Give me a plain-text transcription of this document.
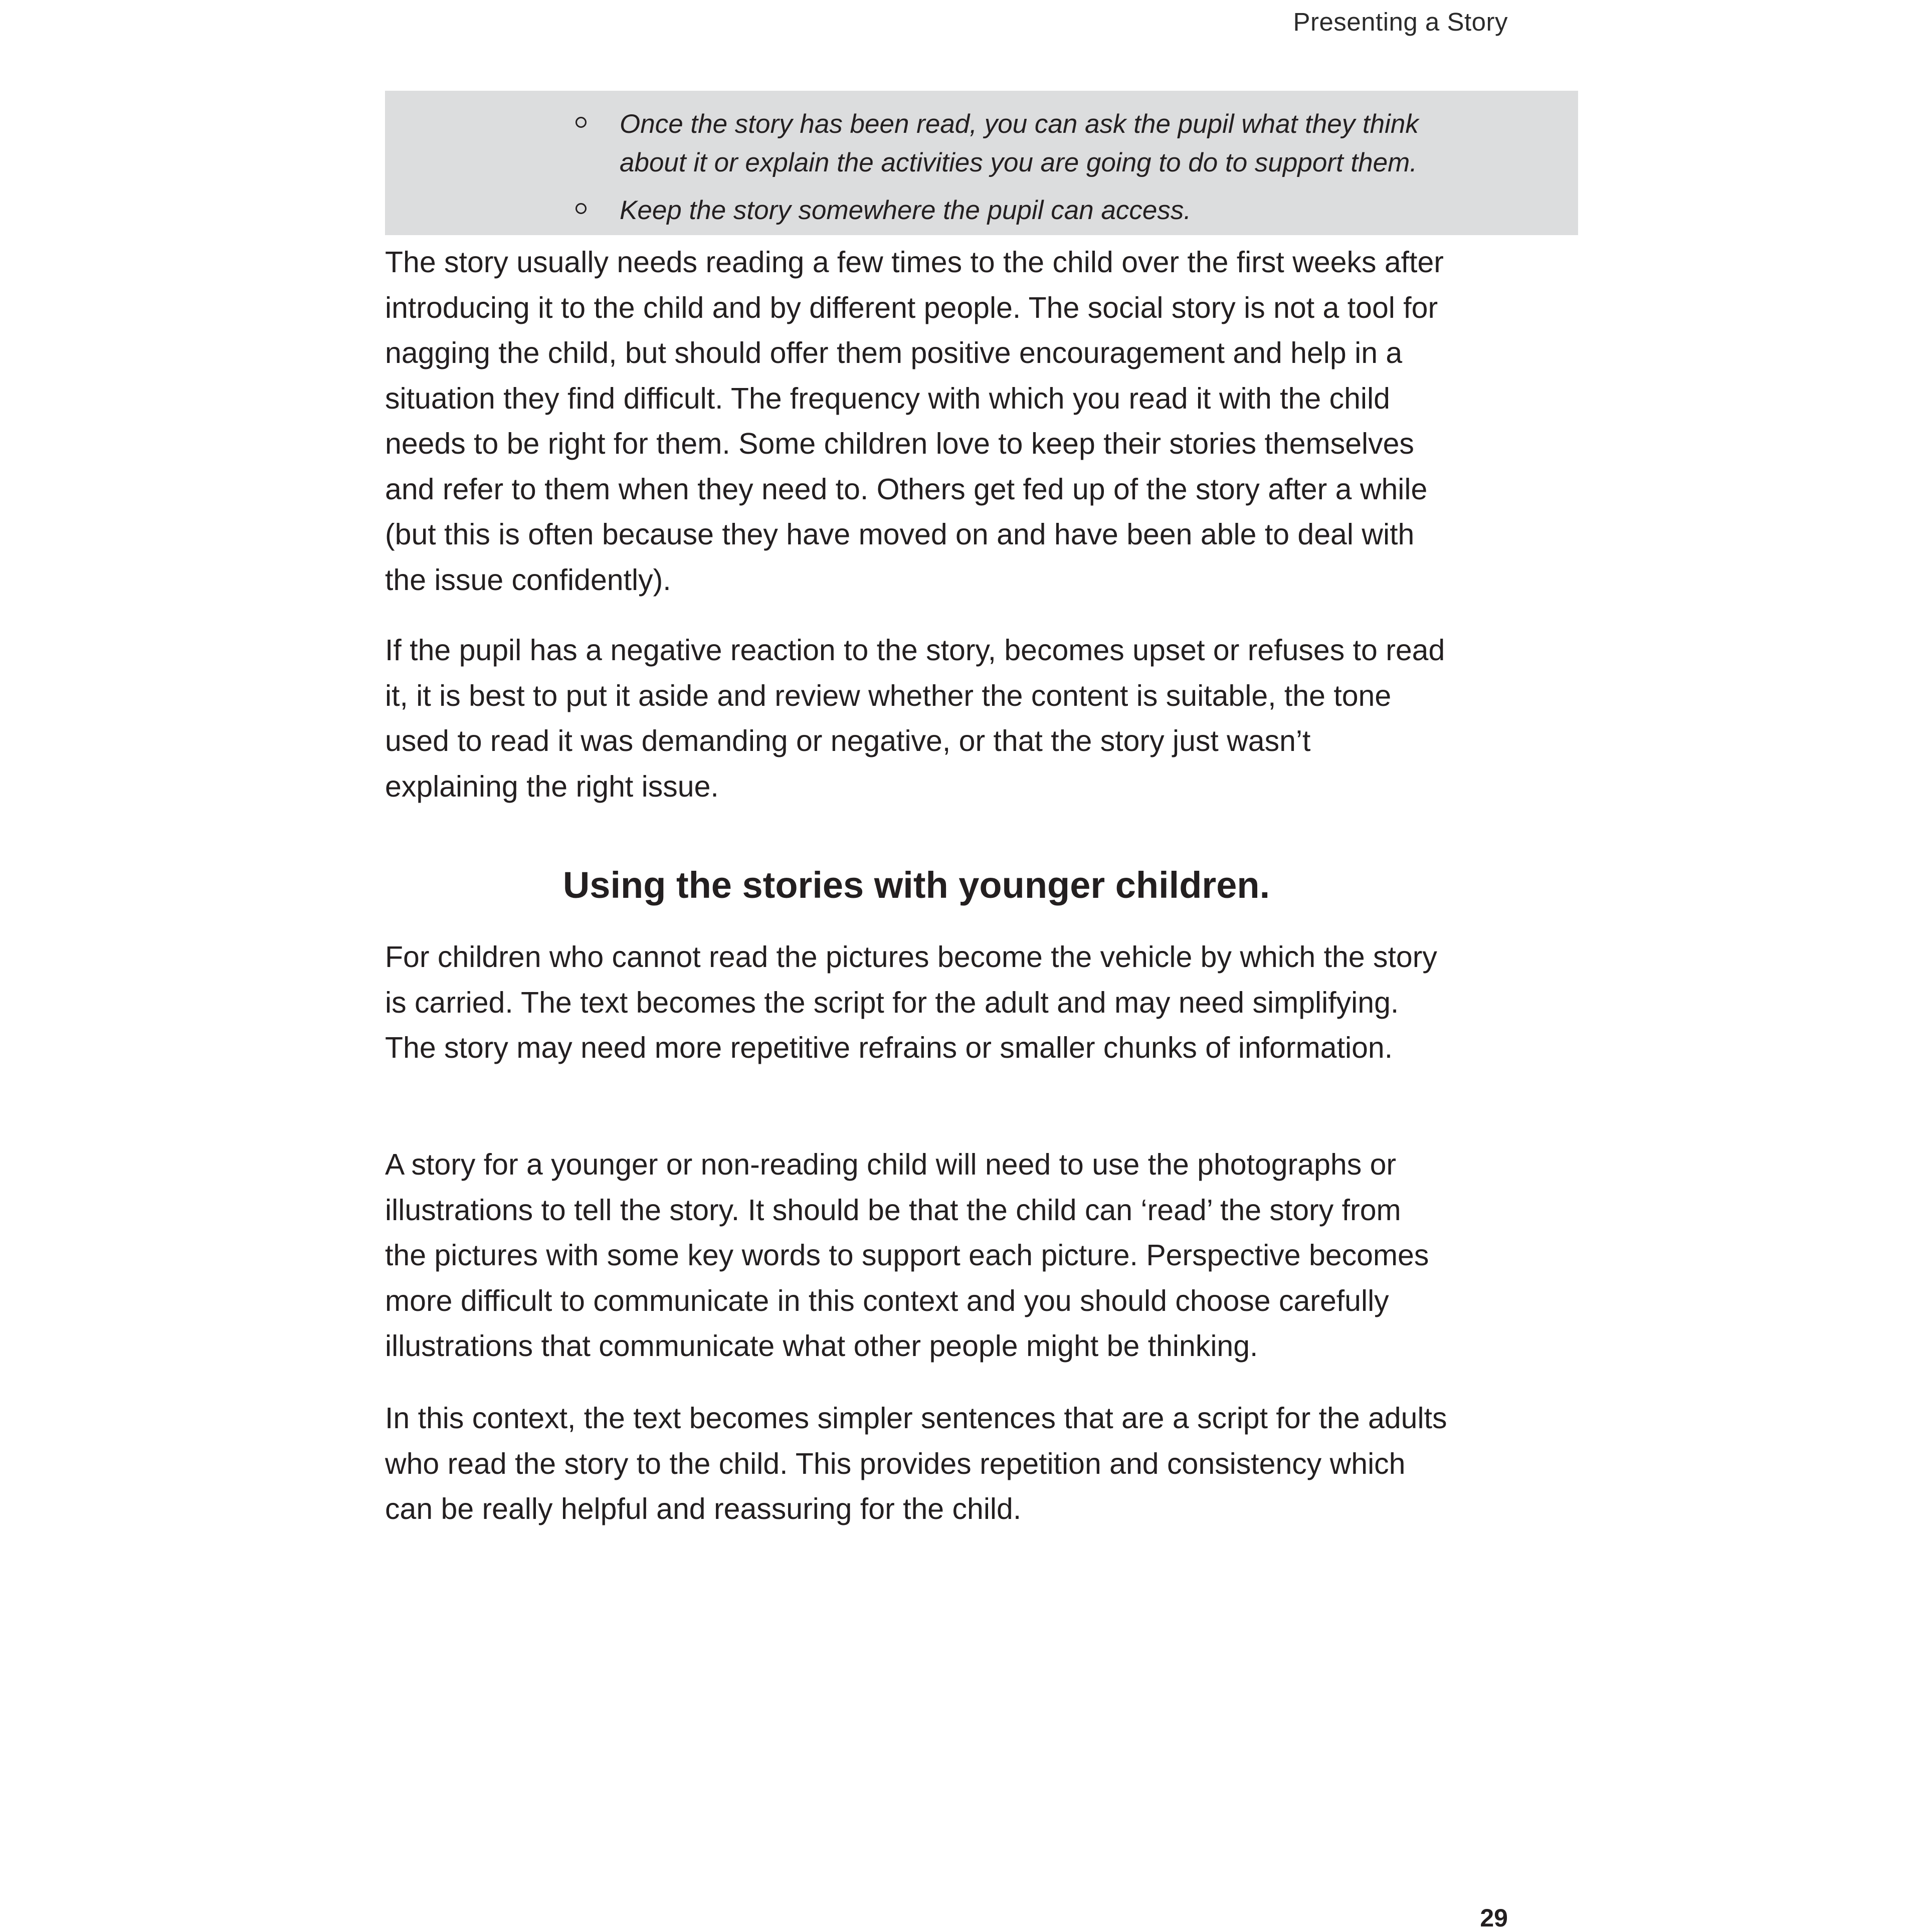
Presenting a Story
Once the story has been read, you can ask the pupil what they think
about it or explain the activities you are going to do to support them.
Keep the story somewhere the pupil can access.

The story usually needs reading a few times to the child over the first weeks after introducing it to the child and by different people. The social story is not a tool for nagging the child, but should offer them positive encouragement and help in a situation they find difficult. The frequency with which you read it with the child needs to be right for them. Some children love to keep their stories themselves and refer to them when they need to. Others get fed up of the story after a while (but this is often because they have moved on and have been able to deal with the issue confidently).

If the pupil has a negative reaction to the story, becomes upset or refuses to read it, it is best to put it aside and review whether the content is suitable, the tone used to read it was demanding or negative, or that the story just wasn’t explaining the right issue.

Using the stories with younger children.

For children who cannot read the pictures become the vehicle by which the story is carried. The text becomes the script for the adult and may need simplifying. The story may need more repetitive refrains or smaller chunks of information.

A story for a younger or non-reading child will need to use the photographs or illustrations to tell the story. It should be that the child can ‘read’ the story from the pictures with some key words to support each picture. Perspective becomes more difficult to communicate in this context and you should choose carefully illustrations that communicate what other people might be thinking.

In this context, the text becomes simpler sentences that are a script for the adults who read the story to the child. This provides repetition and consistency which can be really helpful and reassuring for the child.

29
